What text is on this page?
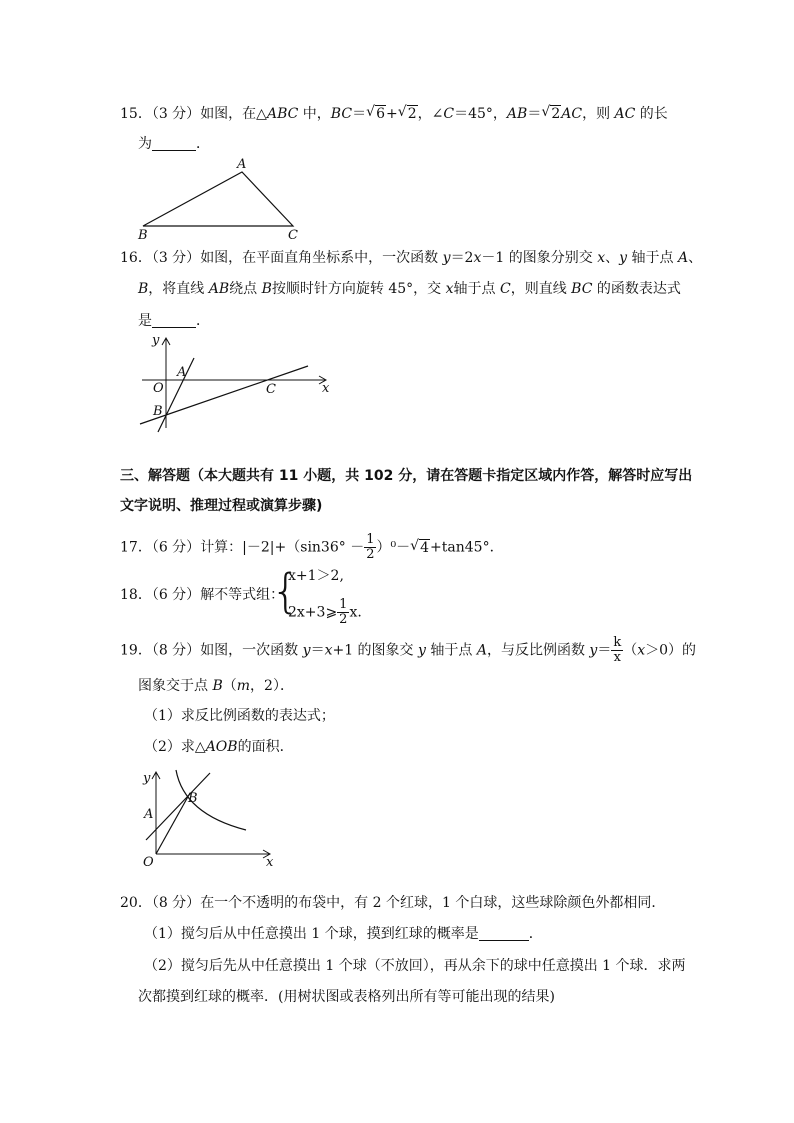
15．（3 分）如图，在△ABC 中，BC＝√ 6+√ 2，∠C＝45°，AB＝√ 2AC，则 AC 的长
为	．
A
B	C
16．（3 分）如图，在平面直角坐标系中，一次函数 y＝2x－1 的图象分别交 x、y 轴于点 A、
B，将直线 AB绕点 B按顺时针方向旋转 45°，交 x轴于点 C，则直线 BC 的函数表达式
是	．
y
x
O
A
B
C
三、解答题（本大题共有 11 小题，共 102 分，请在答题卡指定区域内作答，解答时应写出
文字说明、推理过程或演算步骤)
17．（6 分）计算：$|-2|+(\sin 36^\circ - \frac{1}{2} )^0-√$ 4+tan45°．
18．（6 分）解不等式组：
{
x+1＞2,
2x+3⩾ $\frac{1}{2} x$.
19．（8 分）如图，一次函数 y＝x+1 的图象交 y 轴于点 A，与反比例函数 $y= \frac{k}{x} (x>0)$的
图象交于点 B（m，2）．
（1）求反比例函数的表达式；
（2）求△AOB的面积．
y
x
O
A
B
20．（8 分）在一个不透明的布袋中，有 2 个红球，1 个白球，这些球除颜色外都相同．
（1）搅匀后从中任意摸出 1 个球，摸到红球的概率是	．
（2）搅匀后先从中任意摸出 1 个球（不放回），再从余下的球中任意摸出 1 个球．求两
次都摸到红球的概率．(用树状图或表格列出所有等可能出现的结果)
